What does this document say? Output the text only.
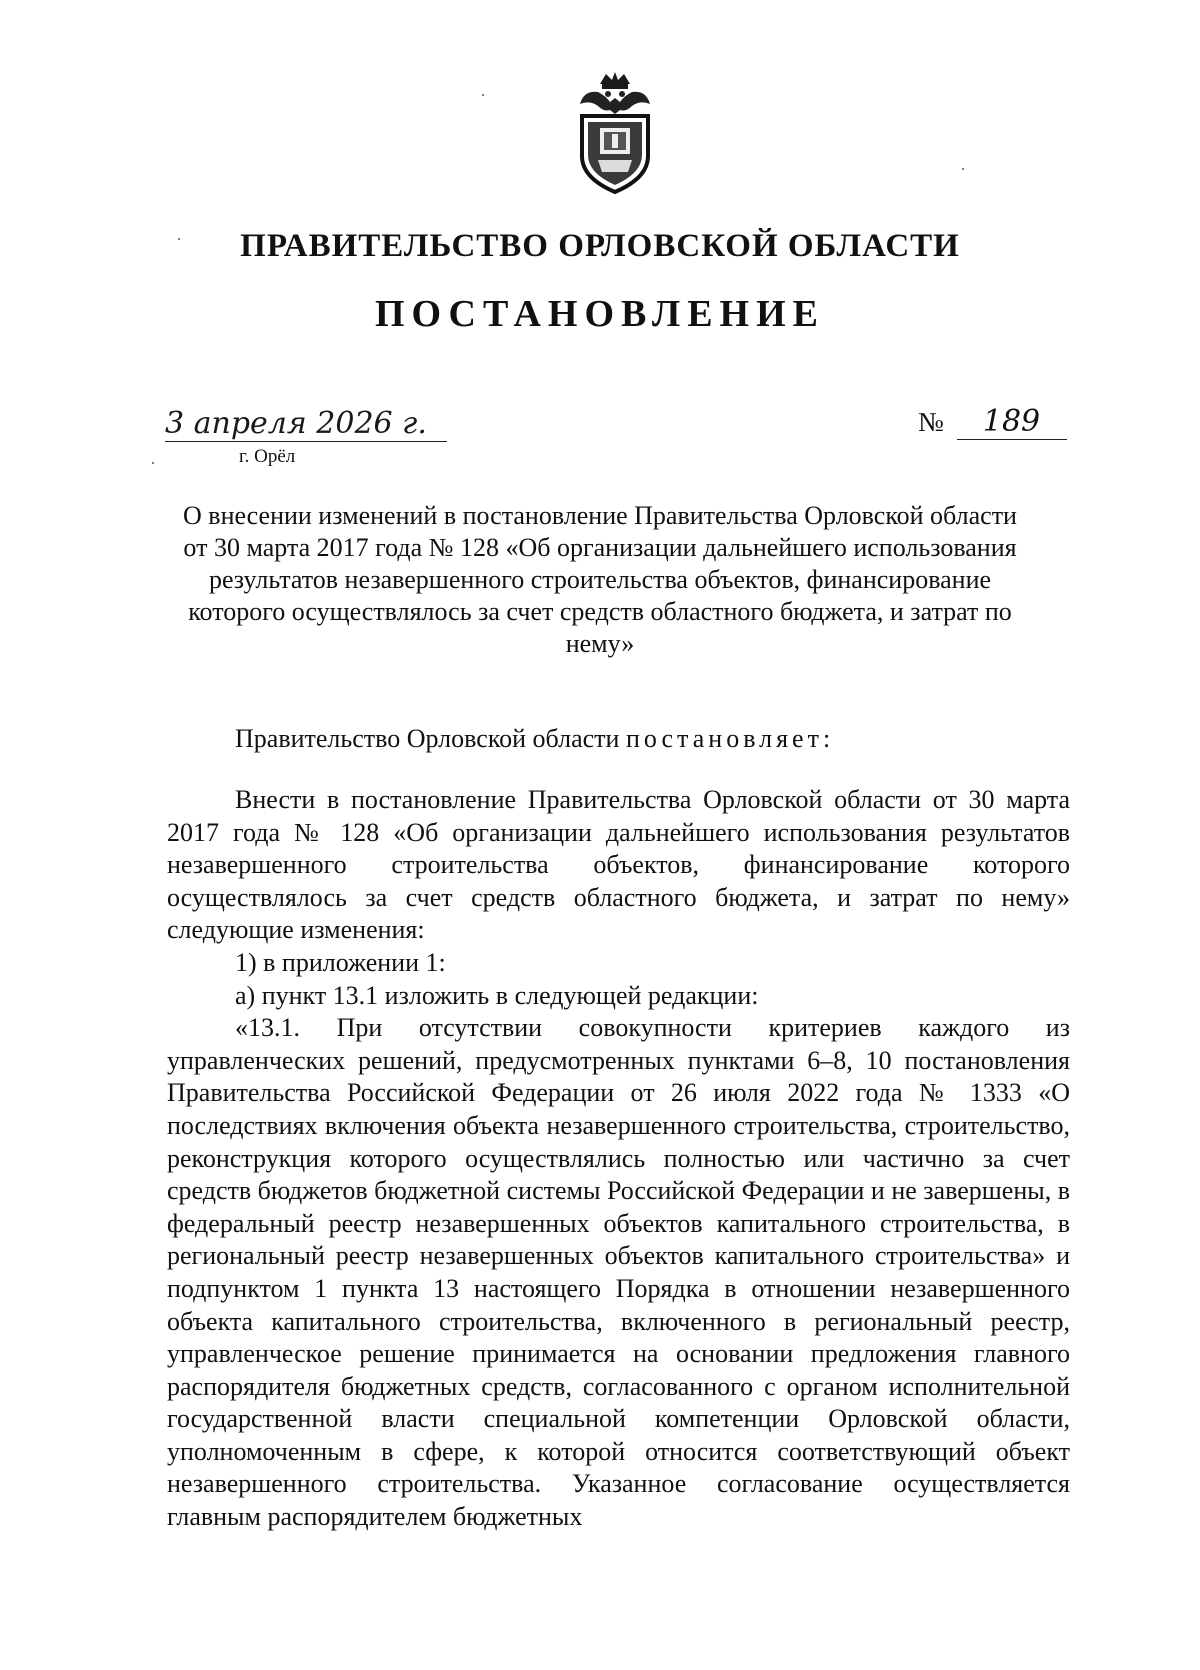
ПРАВИТЕЛЬСТВО ОРЛОВСКОЙ ОБЛАСТИ
ПОСТАНОВЛЕНИЕ
3 апреля 2026 г.
г. Орёл
№ 189
О внесении изменений в постановление Правительства Орловской области от 30 марта 2017 года № 128 «Об организации дальнейшего использования результатов незавершенного строительства объектов, финансирование которого осуществлялось за счет средств областного бюджета, и затрат по нему»
Правительство Орловской области постановляет:

Внести в постановление Правительства Орловской области от 30 марта 2017 года № 128 «Об организации дальнейшего использования результатов незавершенного строительства объектов, финансирование которого осуществлялось за счет средств областного бюджета, и затрат по нему» следующие изменения:

1) в приложении 1:

а) пункт 13.1 изложить в следующей редакции:

«13.1. При отсутствии совокупности критериев каждого из управленческих решений, предусмотренных пунктами 6–8, 10 постановления Правительства Российской Федерации от 26 июля 2022 года № 1333 «О последствиях включения объекта незавершенного строительства, строительство, реконструкция которого осуществлялись полностью или частично за счет средств бюджетов бюджетной системы Российской Федерации и не завершены, в федеральный реестр незавершенных объектов капитального строительства, в региональный реестр незавершенных объектов капитального строительства» и подпунктом 1 пункта 13 настоящего Порядка в отношении незавершенного объекта капитального строительства, включенного в региональный реестр, управленческое решение принимается на основании предложения главного распорядителя бюджетных средств, согласованного с органом исполнительной государственной власти специальной компетенции Орловской области, уполномоченным в сфере, к которой относится соответствующий объект незавершенного строительства. Указанное согласование осуществляется главным распорядителем бюджетных
